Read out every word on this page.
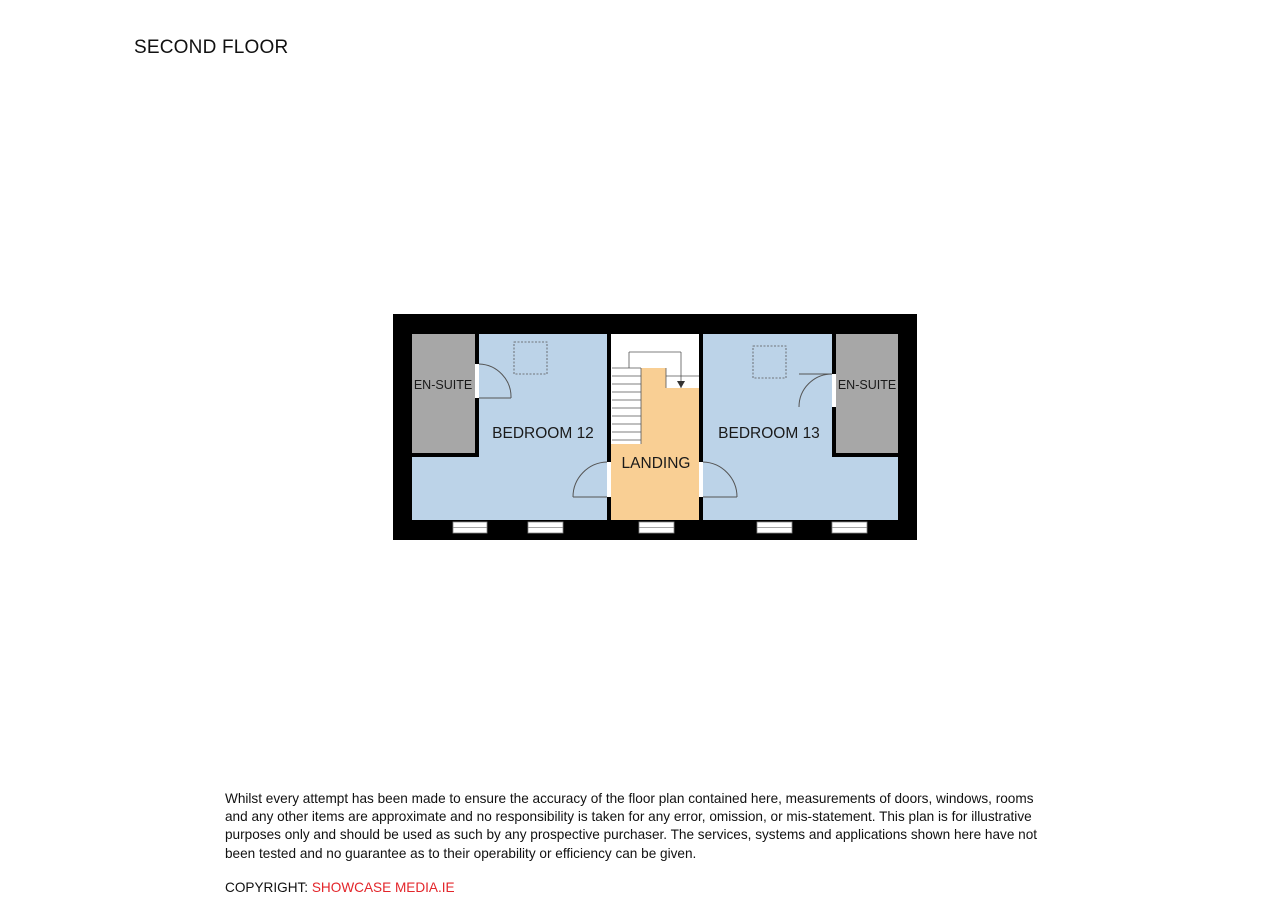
SECOND FLOOR
EN-SUITE
BEDROOM 12
LANDING
BEDROOM 13
EN-SUITE
Whilst every attempt has been made to ensure the accuracy of the floor plan contained here, measurements of doors, windows, rooms and any other items are approximate and no responsibility is taken for any error, omission, or mis-statement. This plan is for illustrative purposes only and should be used as such by any prospective purchaser. The services, systems and applications shown here have not been tested and no guarantee as to their operability or efficiency can be given.
COPYRIGHT: SHOWCASE MEDIA.IE
